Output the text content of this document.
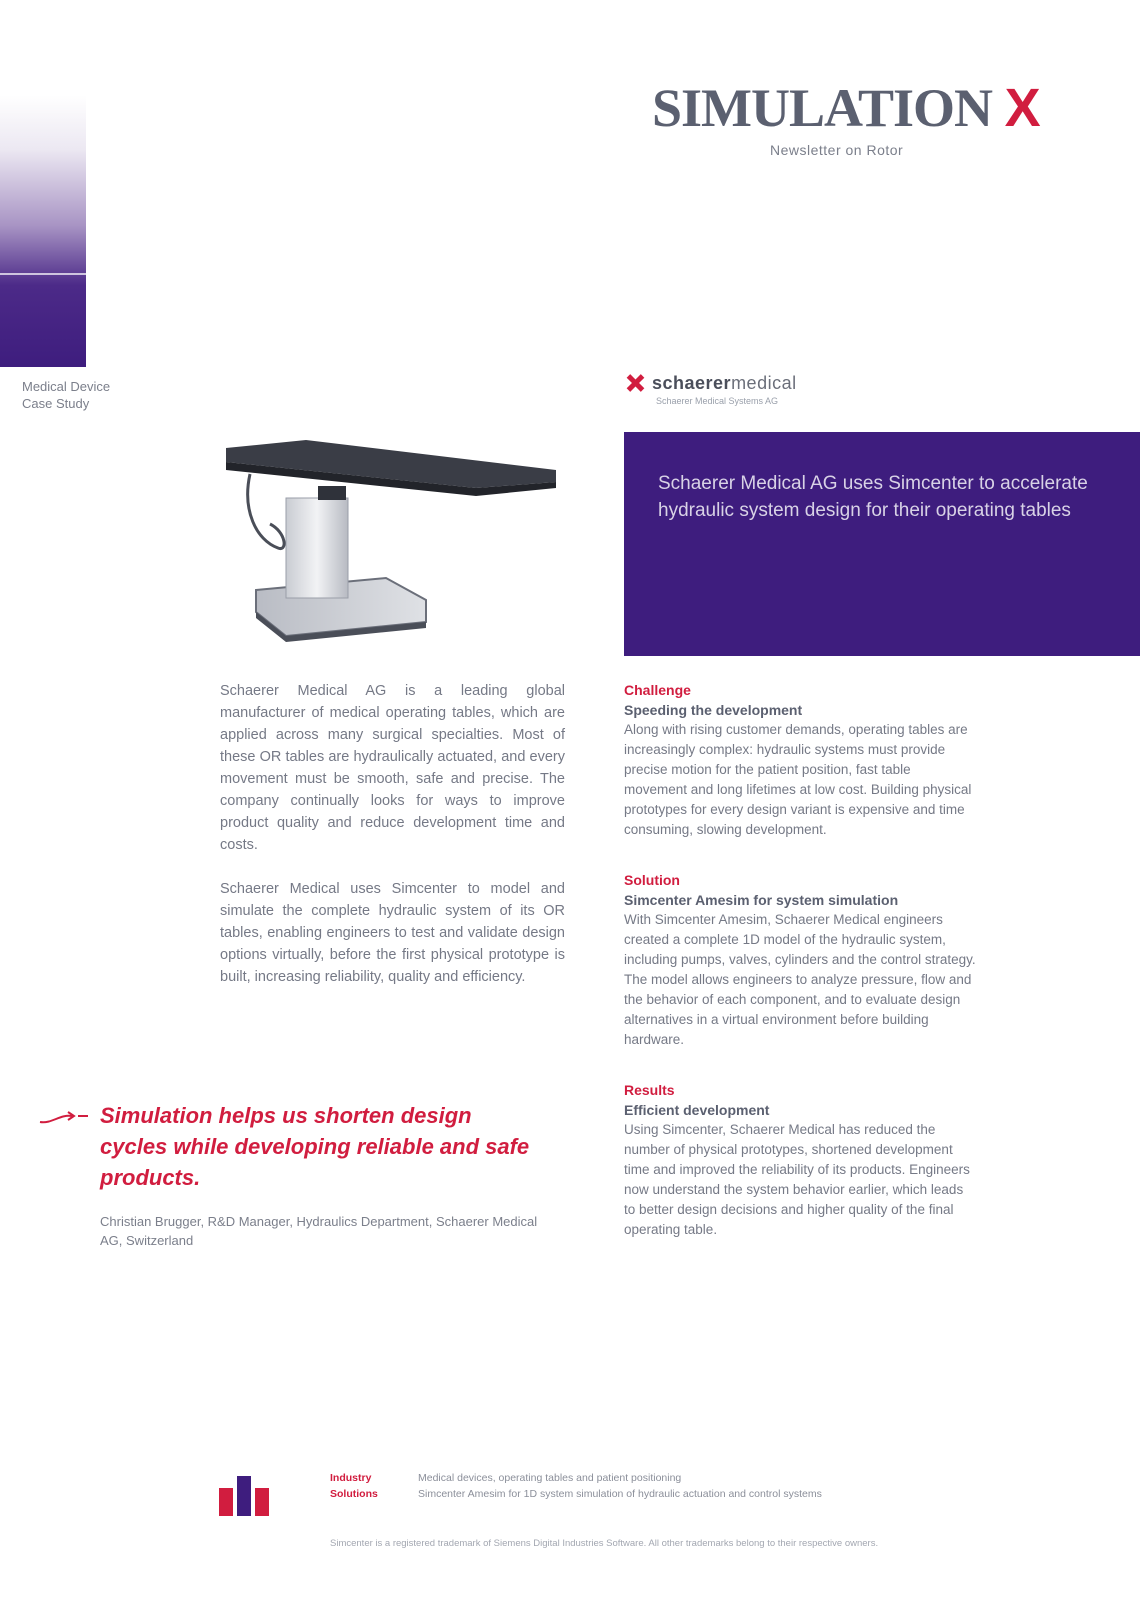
Medical Device
Case Study
SIMULATION X
Newsletter on Rotor
schaerermedical
Schaerer Medical Systems AG
Schaerer Medical AG uses Simcenter to accelerate hydraulic system design for their operating tables

Schaerer Medical AG is a leading global manufacturer of medical operating tables, which are applied across many surgical specialties. Most of these OR tables are hydraulically actuated, and every movement must be smooth, safe and precise. The company continually looks for ways to improve product quality and reduce development time and costs.

Schaerer Medical uses Simcenter to model and simulate the complete hydraulic system of its OR tables, enabling engineers to test and validate design options virtually, before the first physical prototype is built, increasing reliability, quality and efficiency.

Simulation helps us shorten design cycles while developing reliable and safe products.
Christian Brugger, R&D Manager, Hydraulics Department, Schaerer Medical AG, Switzerland
Challenge
Speeding the development
Along with rising customer demands, operating tables are increasingly complex: hydraulic systems must provide precise motion for the patient position, fast table movement and long lifetimes at low cost. Building physical prototypes for every design variant is expensive and time consuming, slowing development.
Solution
Simcenter Amesim for system simulation
With Simcenter Amesim, Schaerer Medical engineers created a complete 1D model of the hydraulic system, including pumps, valves, cylinders and the control strategy. The model allows engineers to analyze pressure, flow and the behavior of each component, and to evaluate design alternatives in a virtual environment before building hardware.
Results
Efficient development
Using Simcenter, Schaerer Medical has reduced the number of physical prototypes, shortened development time and improved the reliability of its products. Engineers now understand the system behavior earlier, which leads to better design decisions and higher quality of the final operating table.
Industry	Medical devices, operating tables and patient positioning
Solutions	Simcenter Amesim for 1D system simulation of hydraulic actuation and control systems
Simcenter is a registered trademark of Siemens Digital Industries Software. All other trademarks belong to their respective owners.
